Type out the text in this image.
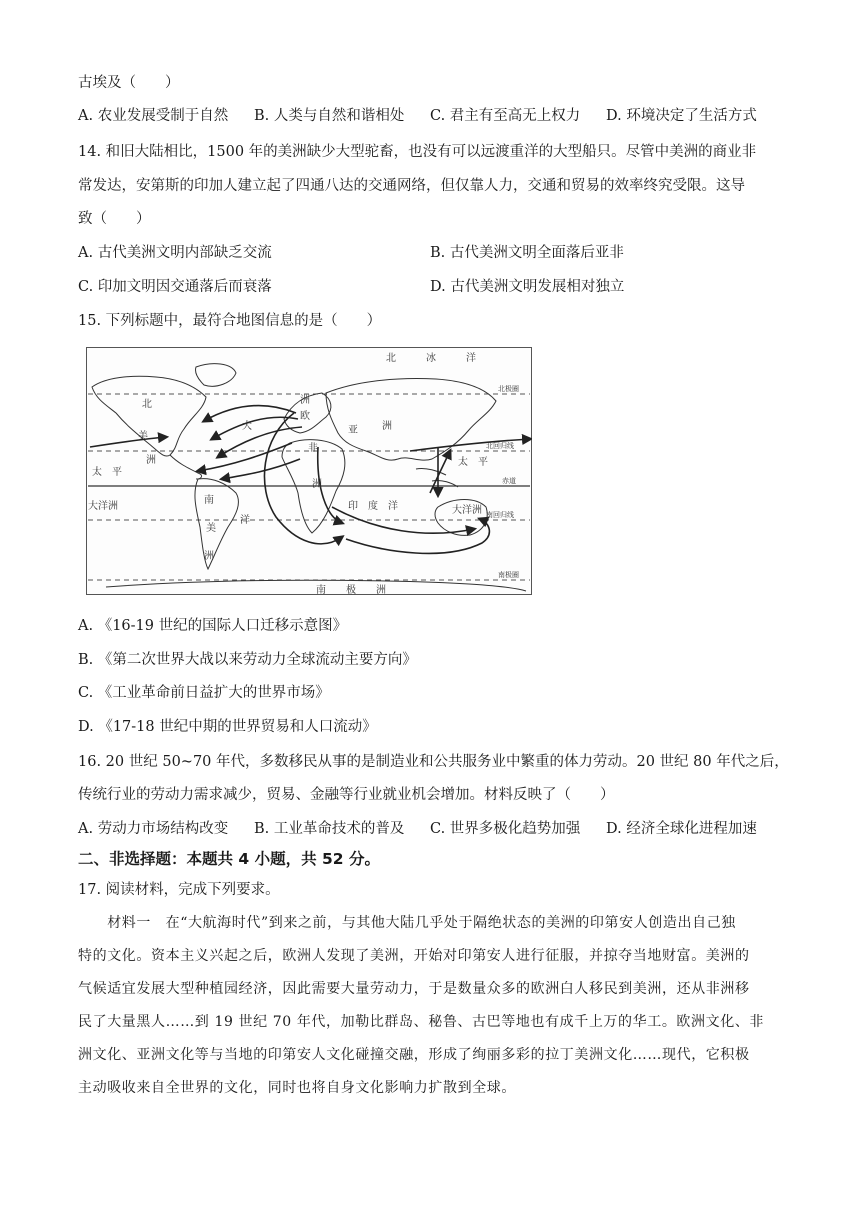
古埃及（　　）
A. 农业发展受制于自然 B. 人类与自然和谐相处 C. 君主有至高无上权力 D. 环境决定了生活方式
14. 和旧大陆相比，1500 年的美洲缺少大型驼畜，也没有可以远渡重洋的大型船只。尽管中美洲的商业非
常发达，安第斯的印加人建立起了四通八达的交通网络，但仅靠人力，交通和贸易的效率终究受限。这导
致（　　）
A. 古代美洲文明内部缺乏交流	B. 古代美洲文明全面落后亚非
C. 印加文明因交通落后而衰落	D. 古代美洲文明发展相对独立
15. 下列标题中，最符合地图信息的是（　　）
北　　　冰　　　洋
北极圈
北回归线
赤道
南回归线
南极圈
南　　极　　洲
太　平
太　平
大
印　度　洋	大洋洲
欧
洲
亚 洲
非
洲
北
美
南
美
洲
大洋洲
洋
洲
A. 《16-19 世纪的国际人口迁移示意图》
B. 《第二次世界大战以来劳动力全球流动主要方向》
C. 《工业革命前日益扩大的世界市场》
D. 《17-18 世纪中期的世界贸易和人口流动》
16. 20 世纪 50~70 年代，多数移民从事的是制造业和公共服务业中繁重的体力劳动。20 世纪 80 年代之后，
传统行业的劳动力需求减少，贸易、金融等行业就业机会增加。材料反映了（　　）
A. 劳动力市场结构改变 B. 工业革命技术的普及 C. 世界多极化趋势加强 D. 经济全球化进程加速
二、非选择题：本题共 4 小题，共 52 分。
17. 阅读材料，完成下列要求。
　　材料一　在“大航海时代”到来之前，与其他大陆几乎处于隔绝状态的美洲的印第安人创造出自己独
特的文化。资本主义兴起之后，欧洲人发现了美洲，开始对印第安人进行征服，并掠夺当地财富。美洲的
气候适宜发展大型种植园经济，因此需要大量劳动力，于是数量众多的欧洲白人移民到美洲，还从非洲移
民了大量黑人……到 19 世纪 70 年代，加勒比群岛、秘鲁、古巴等地也有成千上万的华工。欧洲文化、非
洲文化、亚洲文化等与当地的印第安人文化碰撞交融，形成了绚丽多彩的拉丁美洲文化……现代，它积极
主动吸收来自全世界的文化，同时也将自身文化影响力扩散到全球。
